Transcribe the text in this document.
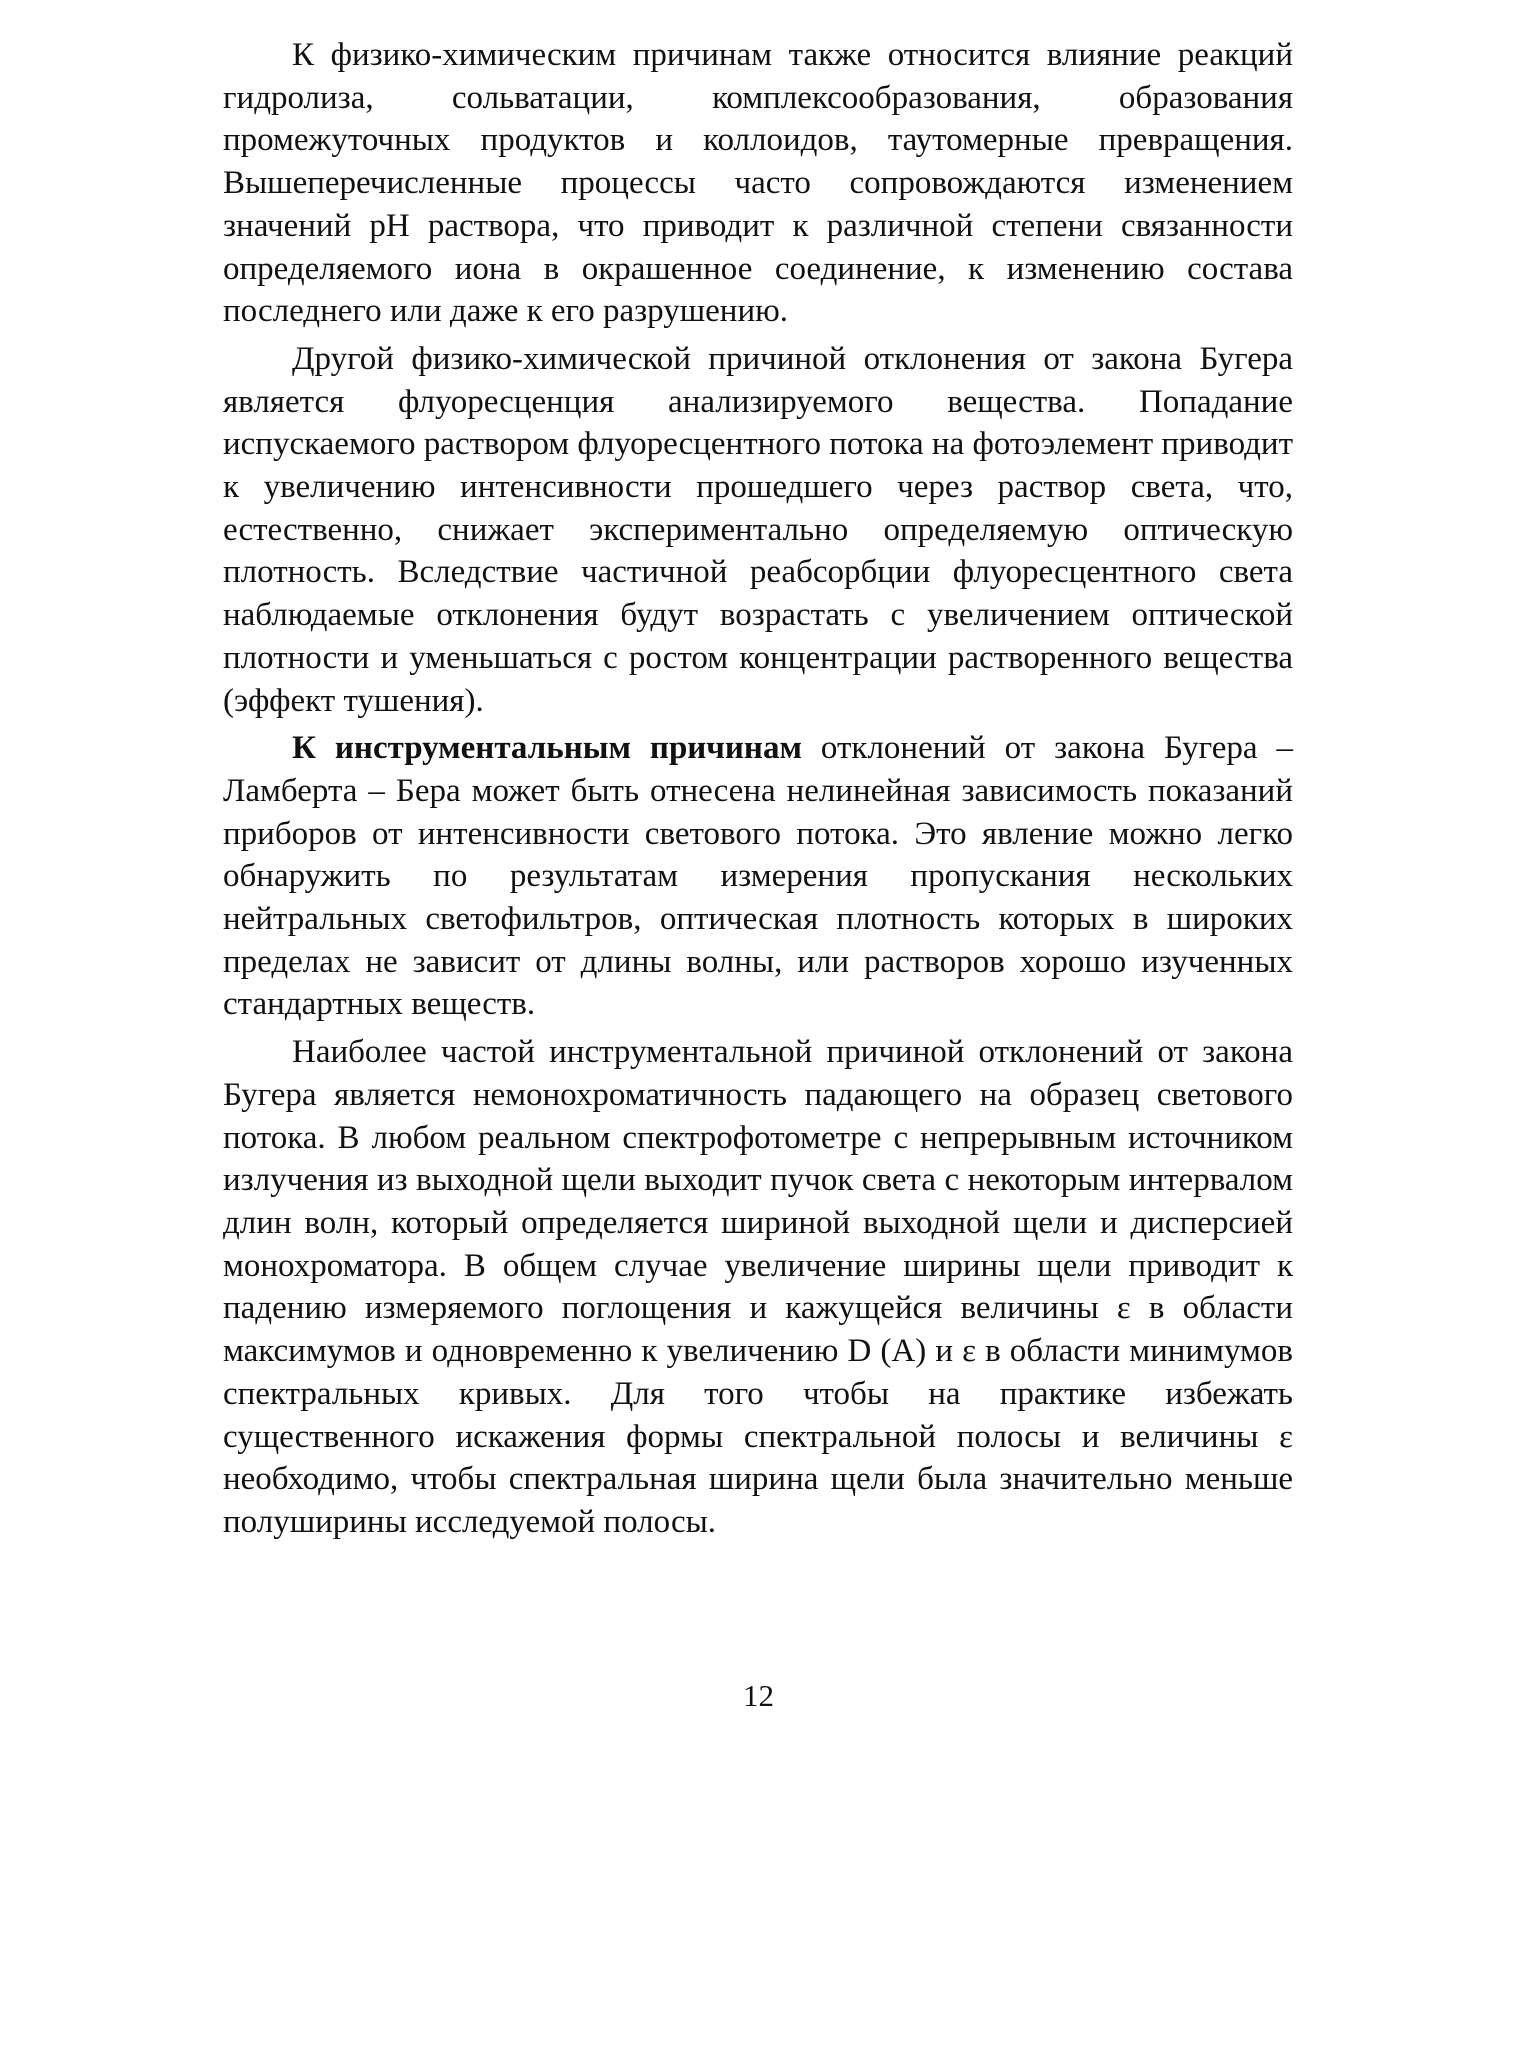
К физико-химическим причинам также относится влияние реакций гидролиза, сольватации, комплексообразования, образования промежуточных продуктов и коллоидов, таутомерные превращения. Вышеперечисленные процессы часто сопровождаются изменением значений рН раствора, что приводит к различной степени связанности определяемого иона в окрашенное соединение, к изменению состава последнего или даже к его разрушению.

Другой физико-химической причиной отклонения от закона Бугера является флуоресценция анализируемого вещества. Попадание испускаемого раствором флуоресцентного потока на фотоэлемент приводит к увеличению интенсивности прошедшего через раствор света, что, естественно, снижает экспериментально определяемую оптическую плотность. Вследствие частичной реабсорбции флуоресцентного света наблюдаемые отклонения будут возрастать с увеличением оптической плотности и уменьшаться с ростом концентрации растворенного вещества (эффект тушения).

К инструментальным причинам отклонений от закона Бугера – Ламберта – Бера может быть отнесена нелинейная зависимость показаний приборов от интенсивности светового потока. Это явление можно легко обнаружить по результатам измерения пропускания нескольких нейтральных светофильтров, оптическая плотность которых в широких пределах не зависит от длины волны, или растворов хорошо изученных стандартных веществ.

Наиболее частой инструментальной причиной отклонений от закона Бугера является немонохроматичность падающего на образец светового потока. В любом реальном спектрофотометре с непрерывным источником излучения из выходной щели выходит пучок света с некоторым интервалом длин волн, который определяется шириной выходной щели и дисперсией монохроматора. В общем случае увеличение ширины щели приводит к падению измеряемого поглощения и кажущейся величины ε в области максимумов и одновременно к увеличению D (А) и ε в области минимумов спектральных кривых. Для того чтобы на практике избежать существенного искажения формы спектральной полосы и величины ε необходимо, чтобы спектральная ширина щели была значительно меньше полуширины исследуемой полосы.

12
